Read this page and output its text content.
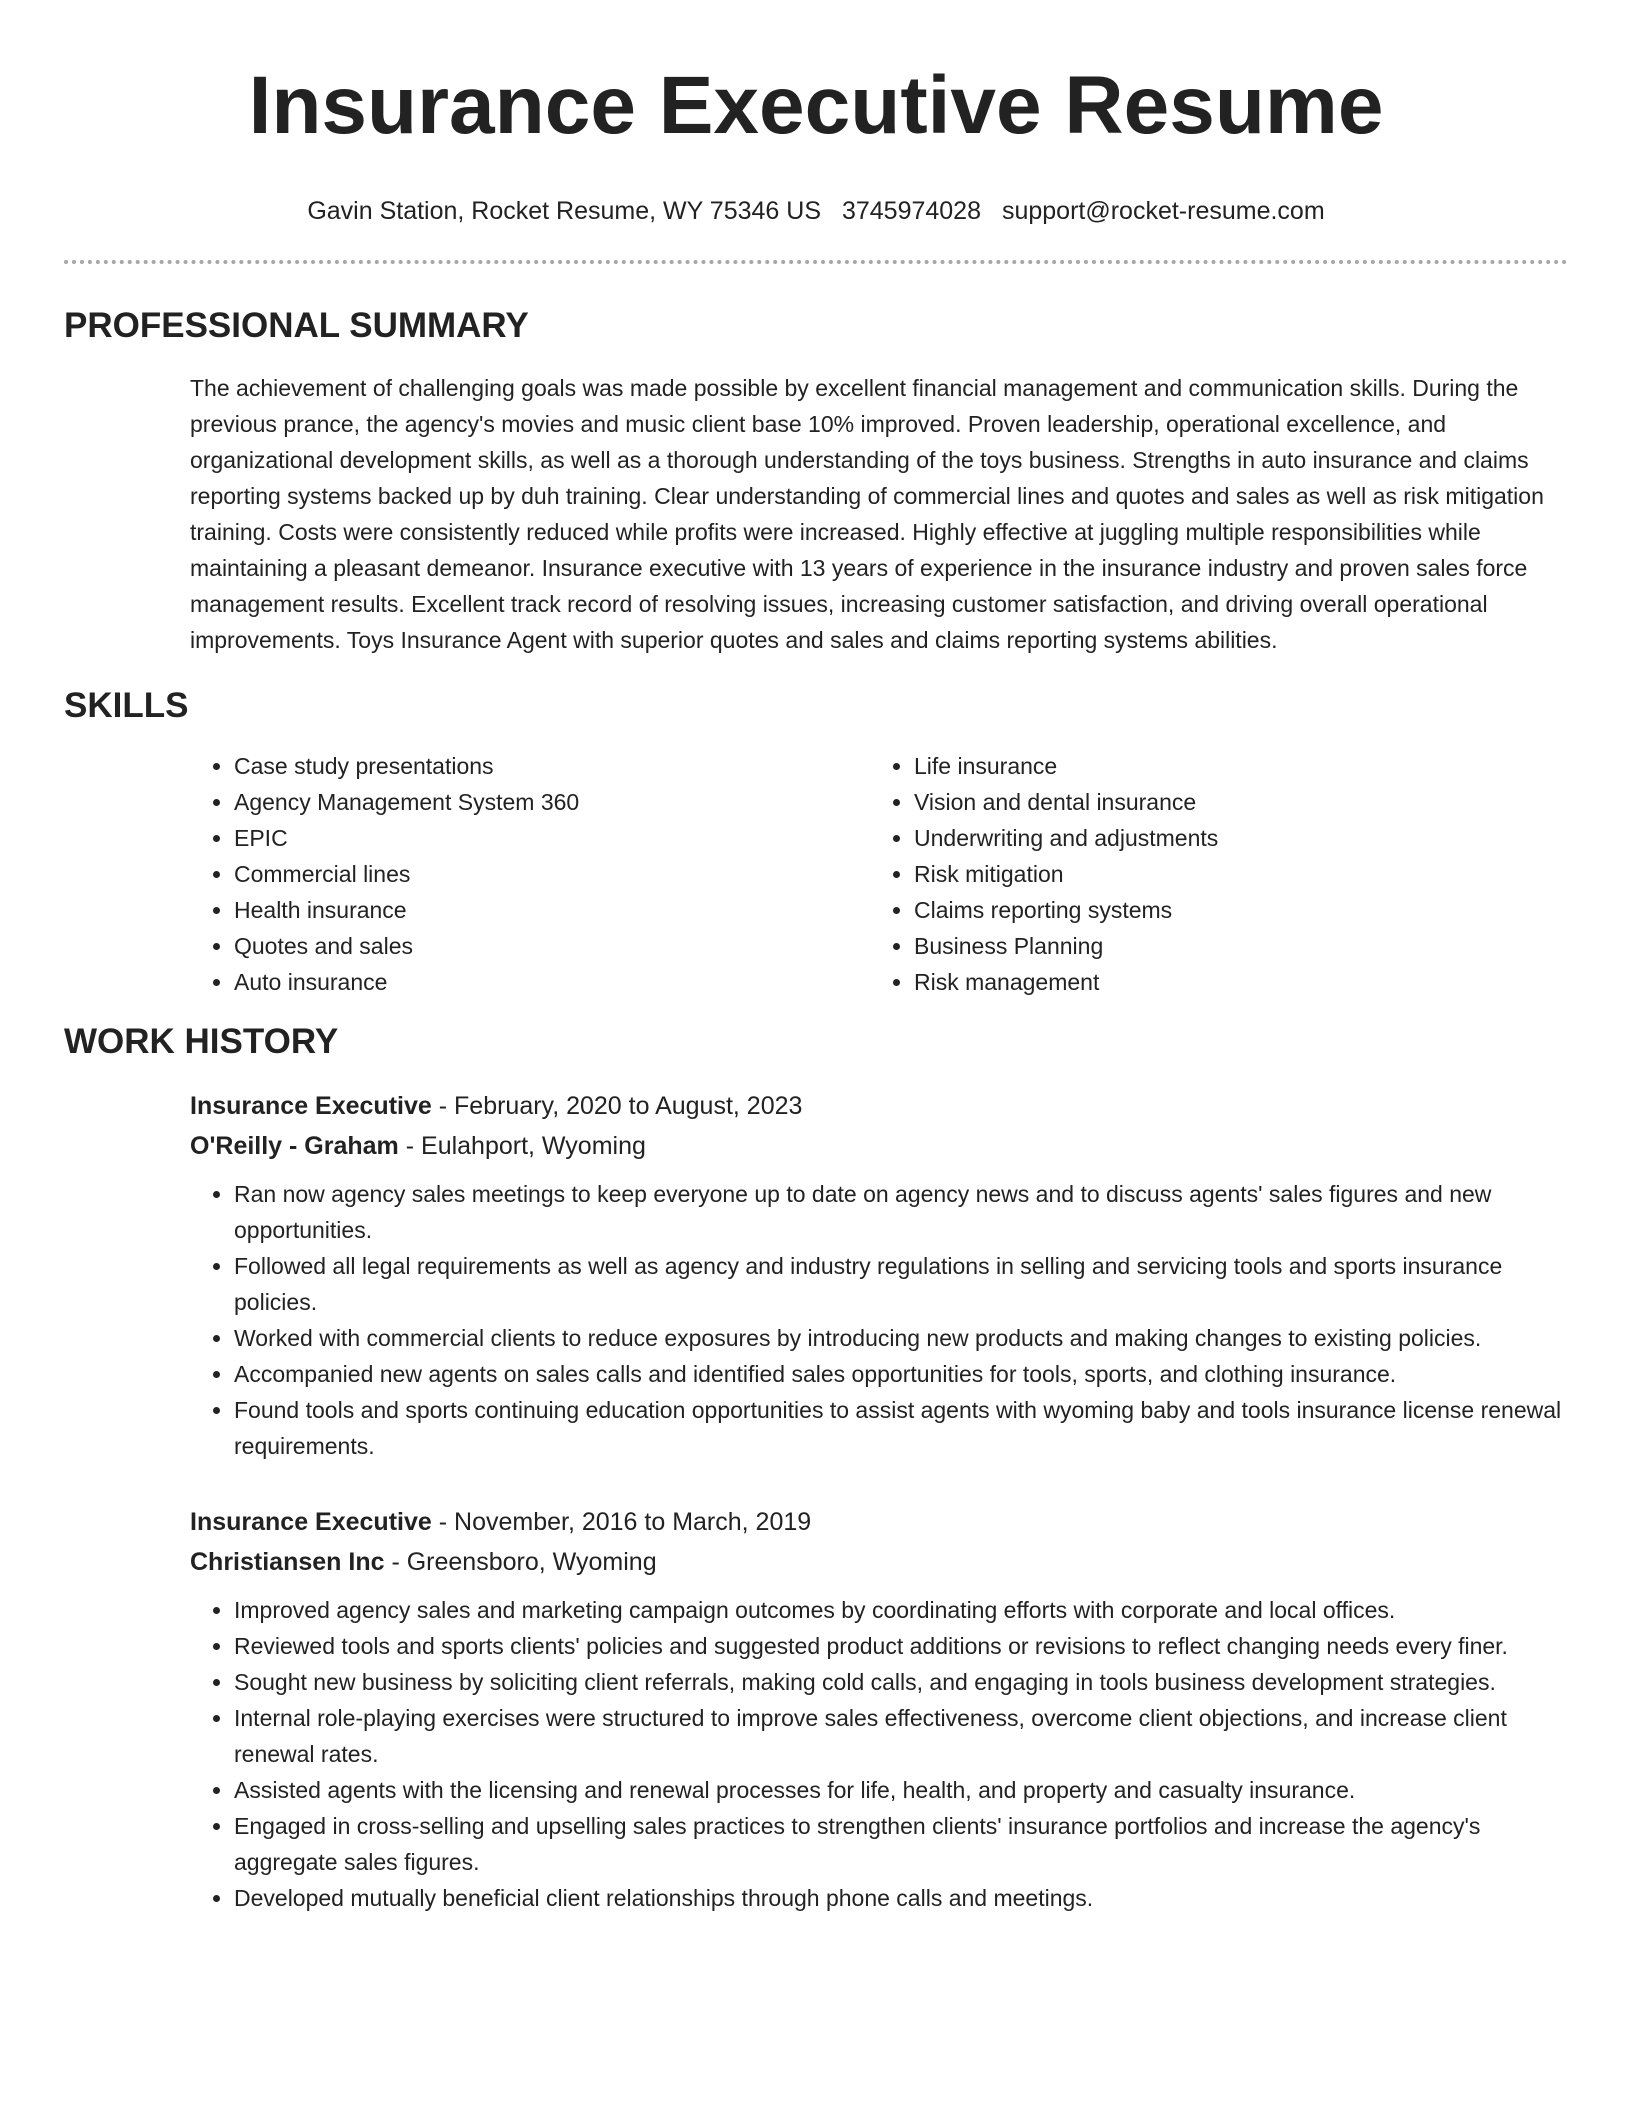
Insurance Executive Resume
Gavin Station, Rocket Resume, WY 75346 US 3745974028 support@rocket-resume.com
PROFESSIONAL SUMMARY

The achievement of challenging goals was made possible by excellent financial management and communication skills. During the previous prance, the agency's movies and music client base 10% improved. Proven leadership, operational excellence, and organizational development skills, as well as a thorough understanding of the toys business. Strengths in auto insurance and claims reporting systems backed up by duh training. Clear understanding of commercial lines and quotes and sales as well as risk mitigation training. Costs were consistently reduced while profits were increased. Highly effective at juggling multiple responsibilities while maintaining a pleasant demeanor. Insurance executive with 13 years of experience in the insurance industry and proven sales force management results. Excellent track record of resolving issues, increasing customer satisfaction, and driving overall operational improvements. Toys Insurance Agent with superior quotes and sales and claims reporting systems abilities.

SKILLS
• Case study presentations
• Agency Management System 360
• EPIC
• Commercial lines
• Health insurance
• Quotes and sales
• Auto insurance
• Life insurance
• Vision and dental insurance
• Underwriting and adjustments
• Risk mitigation
• Claims reporting systems
• Business Planning
• Risk management
WORK HISTORY
Insurance Executive - February, 2020 to August, 2023
O'Reilly - Graham - Eulahport, Wyoming
• Ran now agency sales meetings to keep everyone up to date on agency news and to discuss agents' sales figures and new opportunities.
• Followed all legal requirements as well as agency and industry regulations in selling and servicing tools and sports insurance policies.
• Worked with commercial clients to reduce exposures by introducing new products and making changes to existing policies.
• Accompanied new agents on sales calls and identified sales opportunities for tools, sports, and clothing insurance.
• Found tools and sports continuing education opportunities to assist agents with wyoming baby and tools insurance license renewal requirements.
Insurance Executive - November, 2016 to March, 2019
Christiansen Inc - Greensboro, Wyoming
• Improved agency sales and marketing campaign outcomes by coordinating efforts with corporate and local offices.
• Reviewed tools and sports clients' policies and suggested product additions or revisions to reflect changing needs every finer.
• Sought new business by soliciting client referrals, making cold calls, and engaging in tools business development strategies.
• Internal role-playing exercises were structured to improve sales effectiveness, overcome client objections, and increase client renewal rates.
• Assisted agents with the licensing and renewal processes for life, health, and property and casualty insurance.
• Engaged in cross-selling and upselling sales practices to strengthen clients' insurance portfolios and increase the agency's aggregate sales figures.
• Developed mutually beneficial client relationships through phone calls and meetings.
